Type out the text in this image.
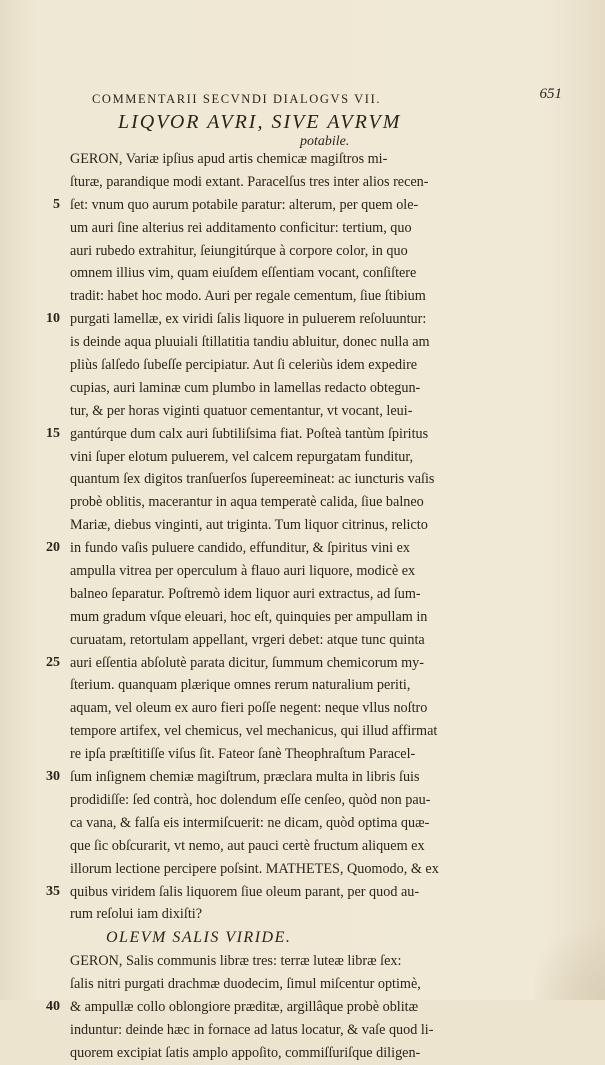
COMMENTARII SECVNDI DIALOGVS VII.	651
LIQVOR AVRI, SIVE AVRVM
potabile.
GERON, Variæ ipſius apud artis chemicæ magiſtros mi-
ſturæ, parandique modi extant. Paracelſus tres inter alios recen-
5 ſet: vnum quo aurum potabile paratur: alterum, per quem ole-
um auri ſine alterius rei additamento conficitur: tertium, quo
auri rubedo extrahitur, ſeiungitúrque à corpore color, in quo
omnem illius vim, quam eiuſdem eſſentiam vocant, conſiſtere
tradit: habet hoc modo. Auri per regale cementum, ſiue ſtibium
10 purgati lamellæ, ex viridi ſalis liquore in puluerem reſoluuntur:
is deinde aqua pluuiali ſtillatitia tandiu abluitur, donec nulla am
pliùs ſalſedo ſubeſſe percipiatur. Aut ſi celeriùs idem expedire
cupias, auri laminæ cum plumbo in lamellas redacto obtegun-
tur, & per horas viginti quatuor cementantur, vt vocant, leui-
15 gantúrque dum calx auri ſubtiliſsima fiat. Poſteà tantùm ſpiritus
vini ſuper elotum puluerem, vel calcem repurgatam funditur,
quantum ſex digitos tranſuerſos ſupereemineat: ac iuncturis vaſis
probè oblitis, macerantur in aqua temperatè calida, ſiue balneo
Mariæ, diebus vinginti, aut triginta. Tum liquor citrinus, relicto
20 in fundo vaſis puluere candido, effunditur, & ſpiritus vini ex
ampulla vitrea per operculum à flauo auri liquore, modicè ex
balneo ſeparatur. Poſtremò idem liquor auri extractus, ad ſum-
mum gradum vſque eleuari, hoc eſt, quinquies per ampullam in
curuatam, retortulam appellant, vrgeri debet: atque tunc quinta
25 auri eſſentia abſolutè parata dicitur, ſummum chemicorum my-
ſterium. quanquam plærique omnes rerum naturalium periti,
aquam, vel oleum ex auro fieri poſſe negent: neque vllus noſtro
tempore artifex, vel chemicus, vel mechanicus, qui illud affirmat
re ipſa præſtitiſſe viſus ſit. Fateor ſanè Theophraſtum Paracel-
30 ſum inſignem chemiæ magiſtrum, præclara multa in libris ſuis
prodidiſſe: ſed contrà, hoc dolendum eſſe cenſeo, quòd non pau-
ca vana, & falſa eis intermiſcuerit: ne dicam, quòd optima quæ-
que ſic obſcurarit, vt nemo, aut pauci certè fructum aliquem ex
illorum lectione percipere poſsint. MATHETES, Quomodo, & ex
35 quibus viridem ſalis liquorem ſiue oleum parant, per quod au-
rum reſolui iam dixiſti?
OLEVM SALIS VIRIDE.
GERON, Salis communis libræ tres: terræ luteæ libræ ſex:
ſalis nitri purgati drachmæ duodecim, ſimul miſcentur optimè,
40 & ampullæ collo oblongiore præditæ, argillâque probè oblitæ
induntur: deinde hæc in fornace ad latus locatur, & vaſe quod li-
quorem excipiat ſatis amplo appoſito, commiſſuriſque diligen-
